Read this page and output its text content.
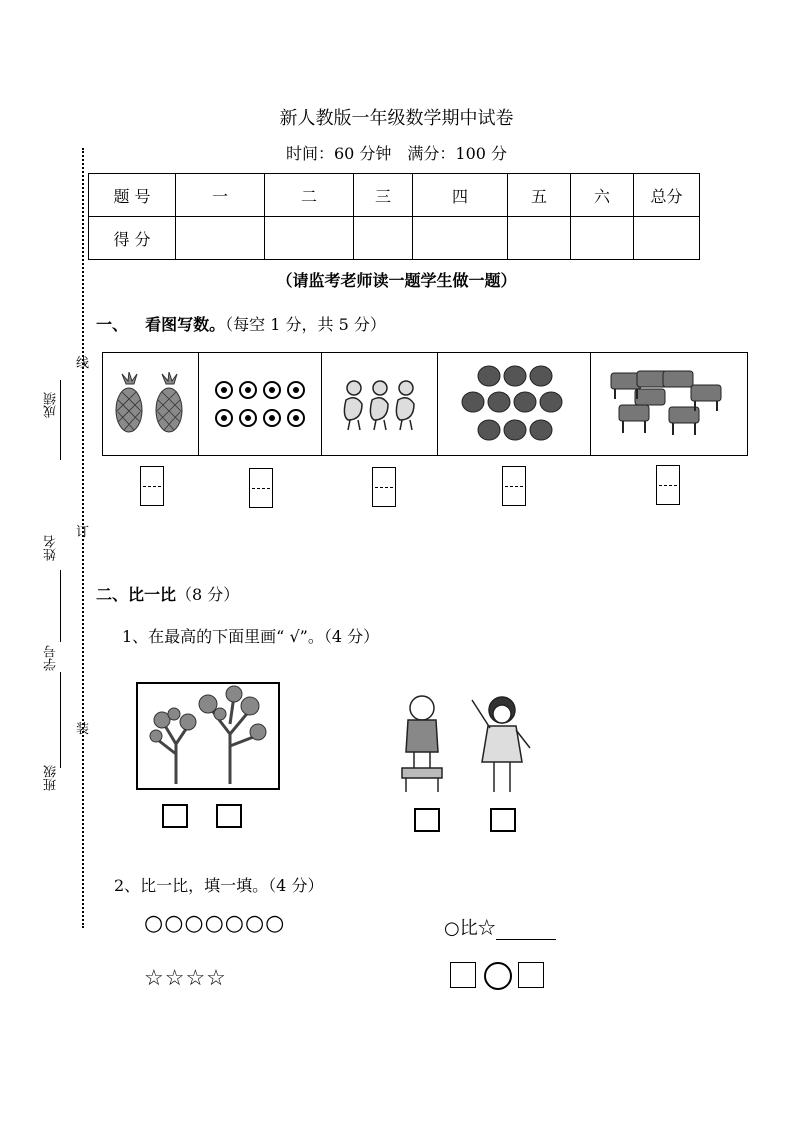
线
订
装
成绩
姓名
学号
班级
新人教版一年级数学期中试卷
时间：60 分钟　满分：100 分
题 号	一	二	三	四	五	六	总分
得 分							
（请监考老师读一题学生做一题）
一、 看图写数。（每空 1 分，共 5 分）
二、比一比（8 分）
1、在最高的下面里画“ √”。（4 分）
2、比一比，填一填。（4 分）
○○○○○○○
☆☆☆☆
○比☆
